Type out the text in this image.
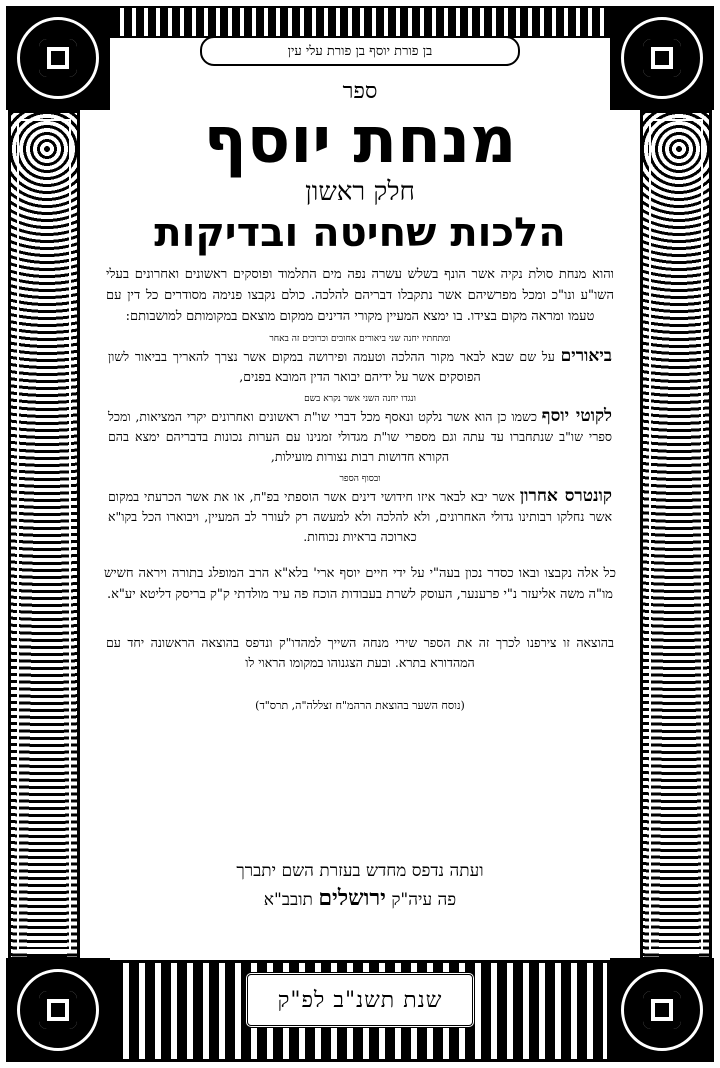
בן פורת יוסף בן פורת עלי עין
שנת תשנ"ב לפ"ק

ספר

מנחת יוסף

חלק ראשון

הלכות שחיטה ובדיקות

והוא מנחת סולת נקיה אשר הונף בשלש עשרה נפה מים התלמוד ופוסקים ראשונים ואחרונים בעלי השו"ע ונו"כ ומכל מפרשיהם אשר נתקבלו דבריהם להלכה. כולם נקבצו פנימה מסודרים כל דין עם טעמו ומראה מקום בצידו. בו ימצא המעיין מקורי הדינים ממקום מוצאם במקומותם למושבותם:

ומתחתיו יחנה שני ביאורים אחובים וכרוכים זה באחר

ביאורים על שם שבא לבאר מקור ההלכה וטעמה ופירושה במקום אשר נצרך להאריך בביאור לשון הפוסקים אשר על ידיהם יבואר הדין המובא בפנים,

ונגדו יחנה השני אשר נקרא בשם

לקוטי יוסף כשמו כן הוא אשר נלקט ונאסף מכל דברי שו"ת ראשונים ואחרונים יקרי המציאות, ומכל ספרי שו"ב שנתחברו עד עתה וגם מספרי שו"ת מגדולי זמנינו עם הערות נכונות בדבריהם ימצא בהם הקורא חדושות רבות נצורות מועילות,

ובסוף הספר

קונטרס אחרון אשר יבא לבאר איזו חידושי דינים אשר הוספתי בפ"ח, או את אשר הכרעתי במקום אשר נחלקו רבותינו גדולי האחרונים, ולא להלכה ולא למעשה רק לעורר לב המעיין, ויבוארו הכל בקו"א כארוכה בראיות נכוחות.

כל אלה נקבצו ובאו כסדר נכון בעה"י על ידי חיים יוסף ארי' בלא"א הרב המופלג בתורה ויראה חשיש מו"ה משה אליעזר נ"י פרענער, העוסק לשרת בעבודות הוכח פה עיר מולדתי ק"ק בריסק דליטא יע"א.

בהוצאה זו צירפנו לכרך זה את הספר שירי מנחה השייך למהדו"ק ונדפס בהוצאה הראשונה יחד עם המהדורא בתרא. ובעת הצגנוהו במקומו הראוי לו

(נוסח השער בהוצאת הרהמ"ח זצללה"ה, תרס"ד)

ועתה נדפס מחדש בעזרת השם יתברך

פה עיה"ק ירושלים תובב"א
